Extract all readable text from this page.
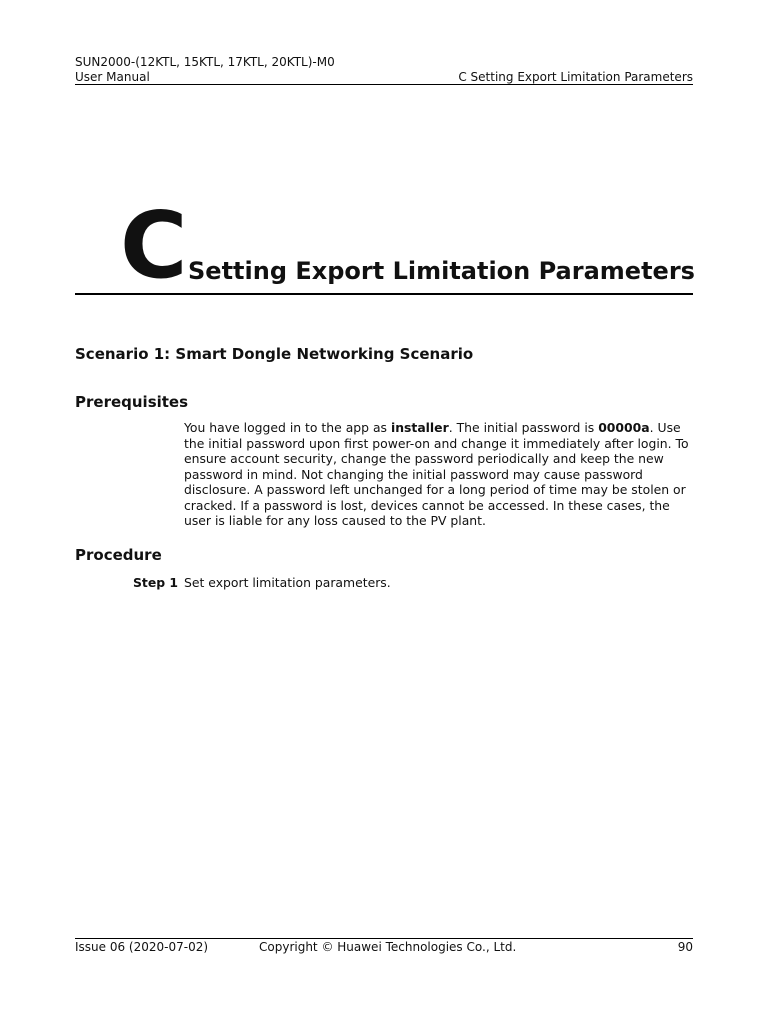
SUN2000-(12KTL, 15KTL, 17KTL, 20KTL)-M0
User Manual	C Setting Export Limitation Parameters
C Setting Export Limitation Parameters
Scenario 1: Smart Dongle Networking Scenario
Prerequisites
You have logged in to the app as installer. The initial password is 00000a. Use the initial password upon first power-on and change it immediately after login. To ensure account security, change the password periodically and keep the new password in mind. Not changing the initial password may cause password disclosure. A password left unchanged for a long period of time may be stolen or cracked. If a password is lost, devices cannot be accessed. In these cases, the user is liable for any loss caused to the PV plant.
Procedure
Step 1 Set export limitation parameters.
Issue 06 (2020-07-02)	Copyright © Huawei Technologies Co., Ltd.	90
